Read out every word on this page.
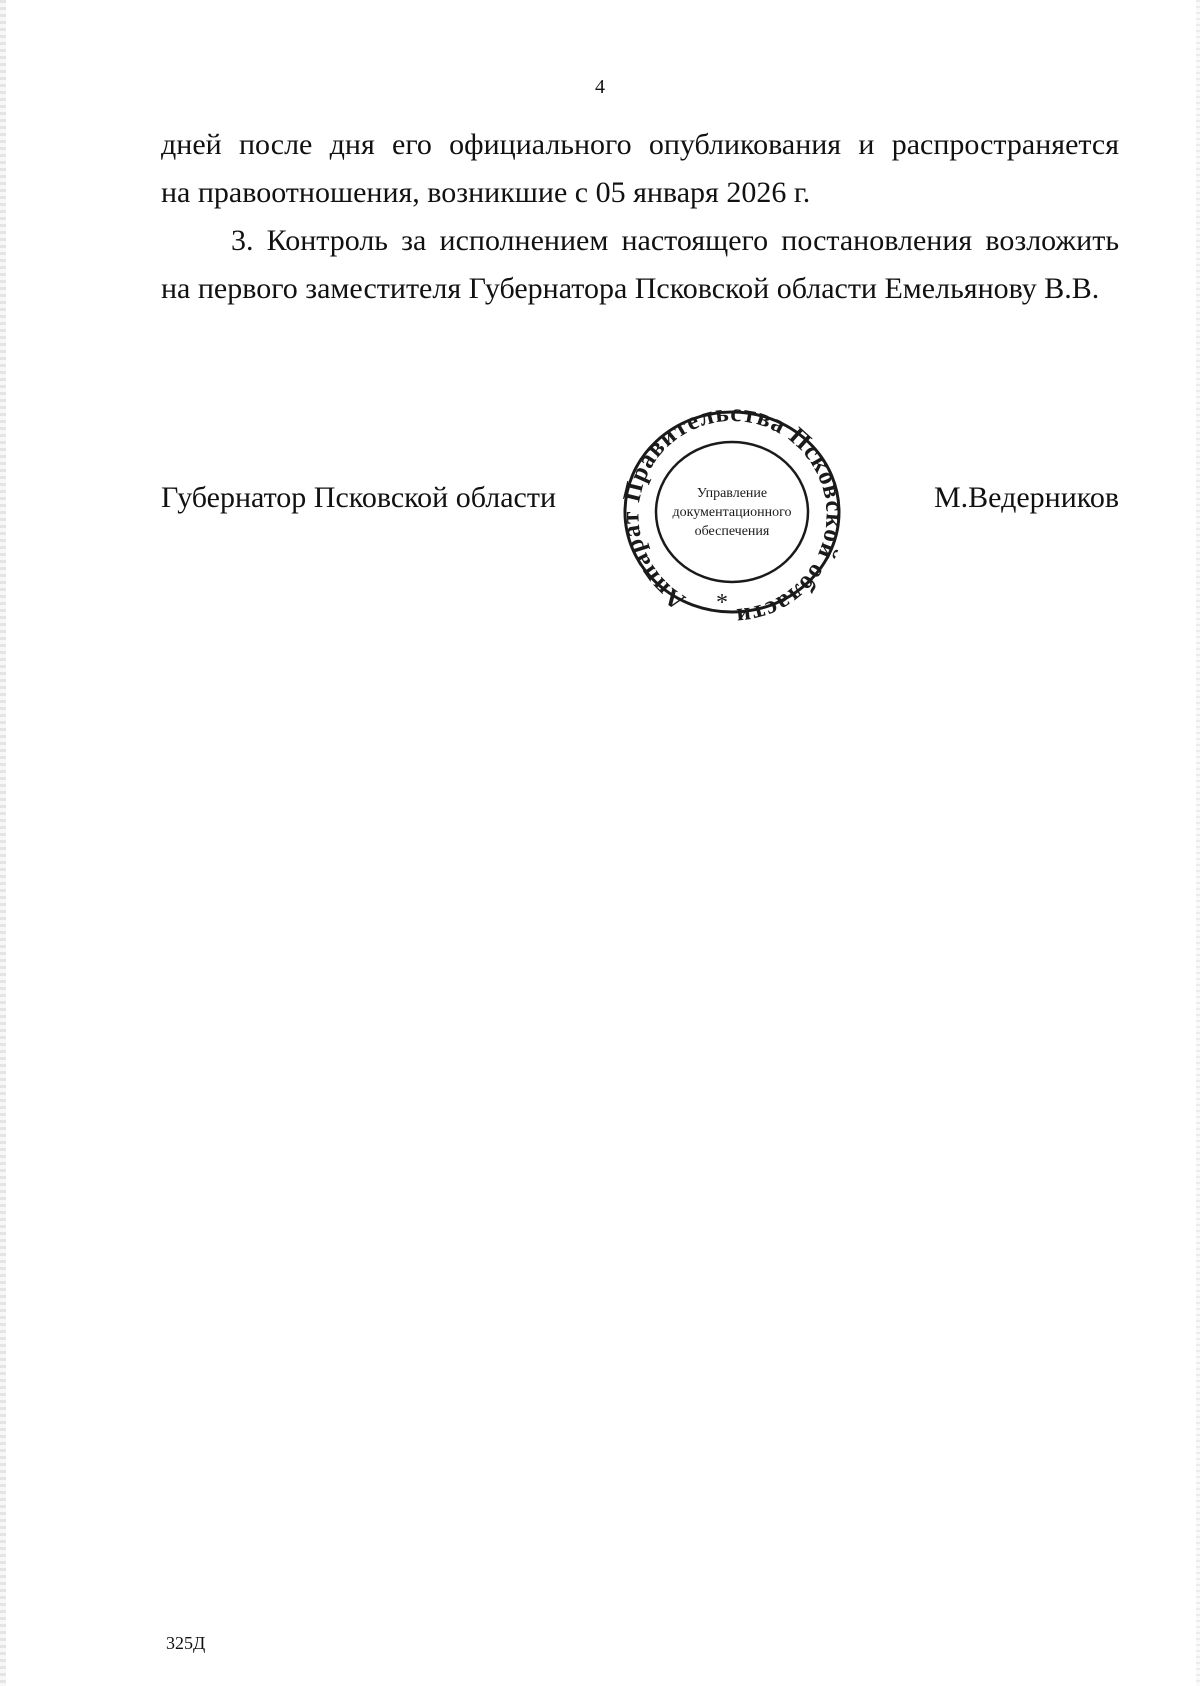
4
дней после дня его официального опубликования и распространяется
на правоотношения, возникшие с 05 января 2026 г.
3. Контроль за исполнением настоящего постановления возложить
на первого заместителя Губернатора Псковской области Емельянову В.В.
Губернатор Псковской области
Аппарат Правительства Псковской области
Управление
документационного
обеспечения
*
М.Ведерников
325Д
